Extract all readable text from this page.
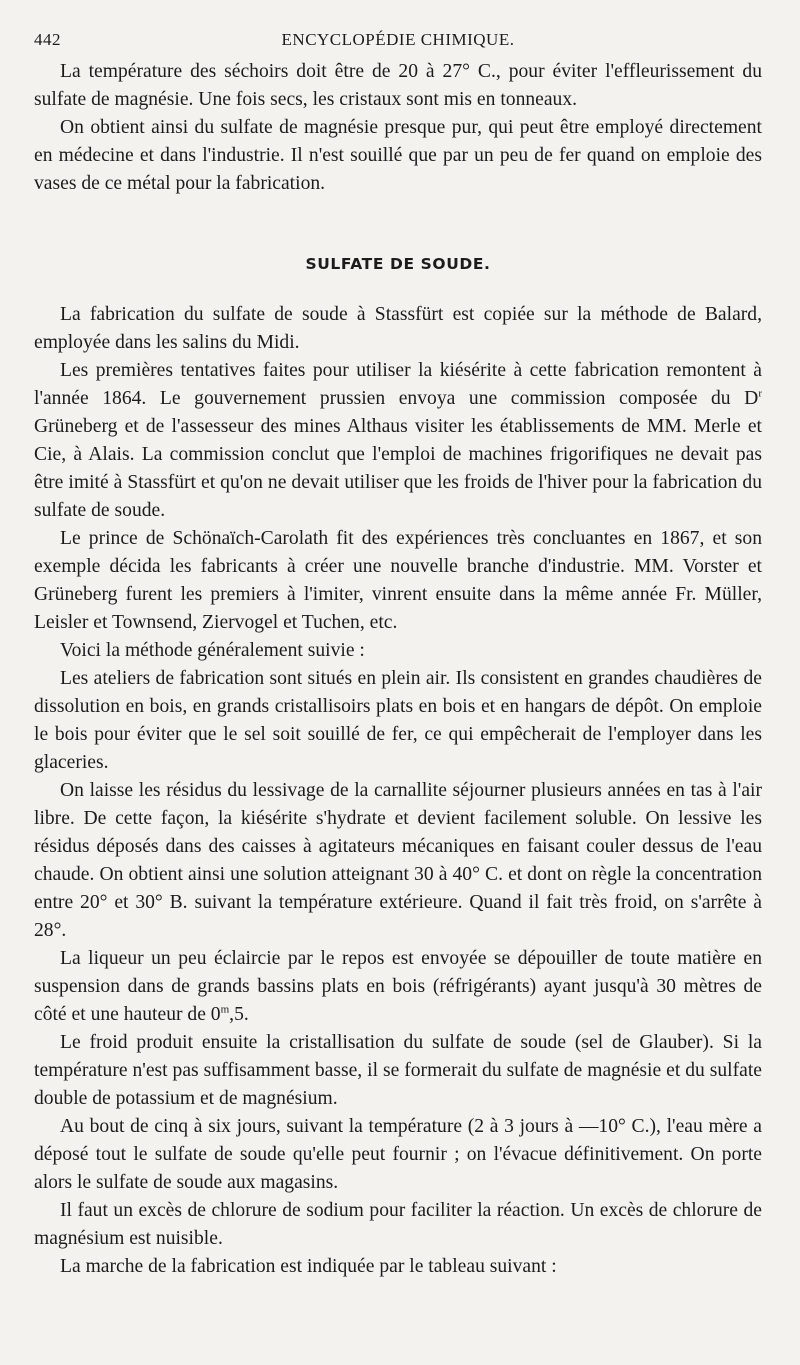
442	ENCYCLOPÉDIE CHIMIQUE.

La température des séchoirs doit être de 20 à 27° C., pour éviter l'effleurissement du sulfate de magnésie. Une fois secs, les cristaux sont mis en tonneaux.

On obtient ainsi du sulfate de magnésie presque pur, qui peut être employé directement en médecine et dans l'industrie. Il n'est souillé que par un peu de fer quand on emploie des vases de ce métal pour la fabrication.

SULFATE DE SOUDE.

La fabrication du sulfate de soude à Stassfürt est copiée sur la méthode de Balard, employée dans les salins du Midi.

Les premières tentatives faites pour utiliser la kiésérite à cette fabrication remontent à l'année 1864. Le gouvernement prussien envoya une commission composée du $D^r$ Grüneberg et de l'assesseur des mines Althaus visiter les établissements de MM. Merle et Cie, à Alais. La commission conclut que l'emploi de machines frigorifiques ne devait pas être imité à Stassfürt et qu'on ne devait utiliser que les froids de l'hiver pour la fabrication du sulfate de soude.

Le prince de Schönaïch-Carolath fit des expériences très concluantes en 1867, et son exemple décida les fabricants à créer une nouvelle branche d'industrie. MM. Vorster et Grüneberg furent les premiers à l'imiter, vinrent ensuite dans la même année Fr. Müller, Leisler et Townsend, Ziervogel et Tuchen, etc.

Voici la méthode généralement suivie :

Les ateliers de fabrication sont situés en plein air. Ils consistent en grandes chaudières de dissolution en bois, en grands cristallisoirs plats en bois et en hangars de dépôt. On emploie le bois pour éviter que le sel soit souillé de fer, ce qui empêcherait de l'employer dans les glaceries.

On laisse les résidus du lessivage de la carnallite séjourner plusieurs années en tas à l'air libre. De cette façon, la kiésérite s'hydrate et devient facilement soluble. On lessive les résidus déposés dans des caisses à agitateurs mécaniques en faisant couler dessus de l'eau chaude. On obtient ainsi une solution atteignant 30 à 40° C. et dont on règle la concentration entre 20° et 30° B. suivant la température extérieure. Quand il fait très froid, on s'arrête à 28°.

La liqueur un peu éclaircie par le repos est envoyée se dépouiller de toute matière en suspension dans de grands bassins plats en bois (réfrigérants) ayant jusqu'à 30 mètres de côté et une hauteur de 0$^m$,5.

Le froid produit ensuite la cristallisation du sulfate de soude (sel de Glauber). Si la température n'est pas suffisamment basse, il se formerait du sulfate de magnésie et du sulfate double de potassium et de magnésium.

Au bout de cinq à six jours, suivant la température (2 à 3 jours à —10° C.), l'eau mère a déposé tout le sulfate de soude qu'elle peut fournir ; on l'évacue définitivement. On porte alors le sulfate de soude aux magasins.

Il faut un excès de chlorure de sodium pour faciliter la réaction. Un excès de chlorure de magnésium est nuisible.

La marche de la fabrication est indiquée par le tableau suivant :
